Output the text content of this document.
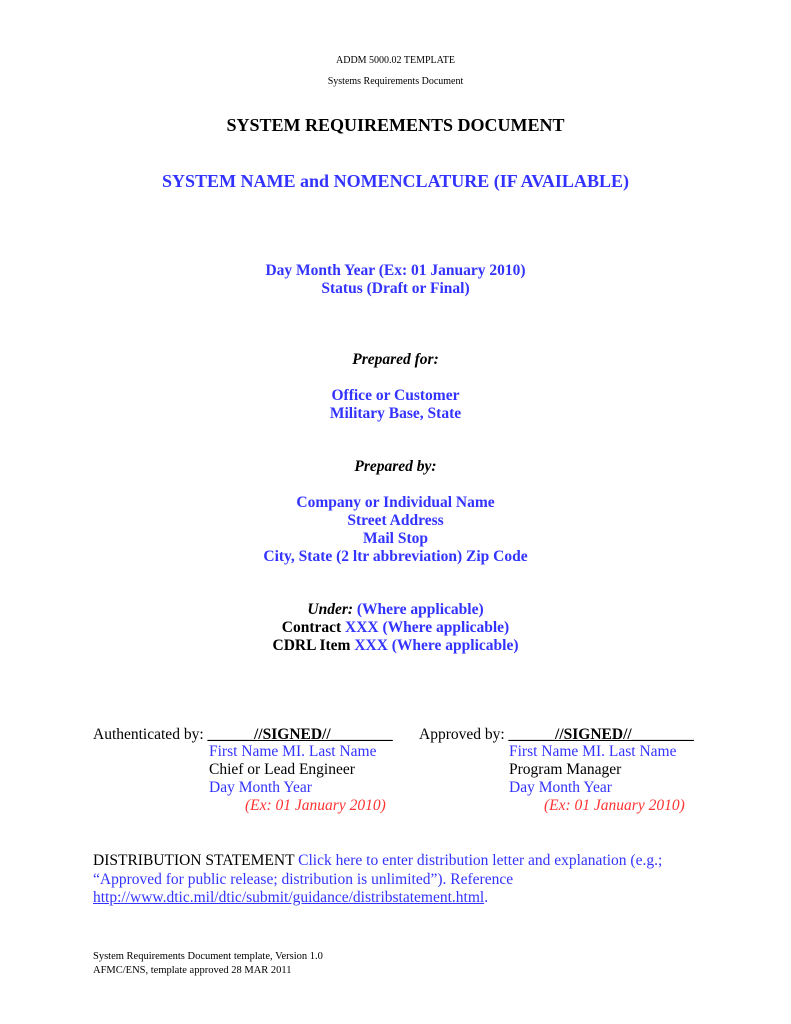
ADDM 5000.02 TEMPLATE
Systems Requirements Document
SYSTEM REQUIREMENTS DOCUMENT
SYSTEM NAME and NOMENCLATURE (IF AVAILABLE)
Day Month Year (Ex: 01 January 2010)
Status (Draft or Final)
Prepared for:
Office or Customer
Military Base, State
Prepared by:
Company or Individual Name
Street Address
Mail Stop
City, State (2 ltr abbreviation) Zip Code
Under: (Where applicable)
Contract XXX (Where applicable)
CDRL Item XXX (Where applicable)
Authenticated by: ______//SIGNED//________
First Name MI. Last Name
Chief or Lead Engineer
Day Month Year
(Ex: 01 January 2010)
Approved by: ______//SIGNED//________
First Name MI. Last Name
Program Manager
Day Month Year
(Ex: 01 January 2010)
DISTRIBUTION STATEMENT Click here to enter distribution letter and explanation (e.g.;
“Approved for public release; distribution is unlimited”). Reference
http://www.dtic.mil/dtic/submit/guidance/distribstatement.html.
System Requirements Document template, Version 1.0
AFMC/ENS, template approved 28 MAR 2011
